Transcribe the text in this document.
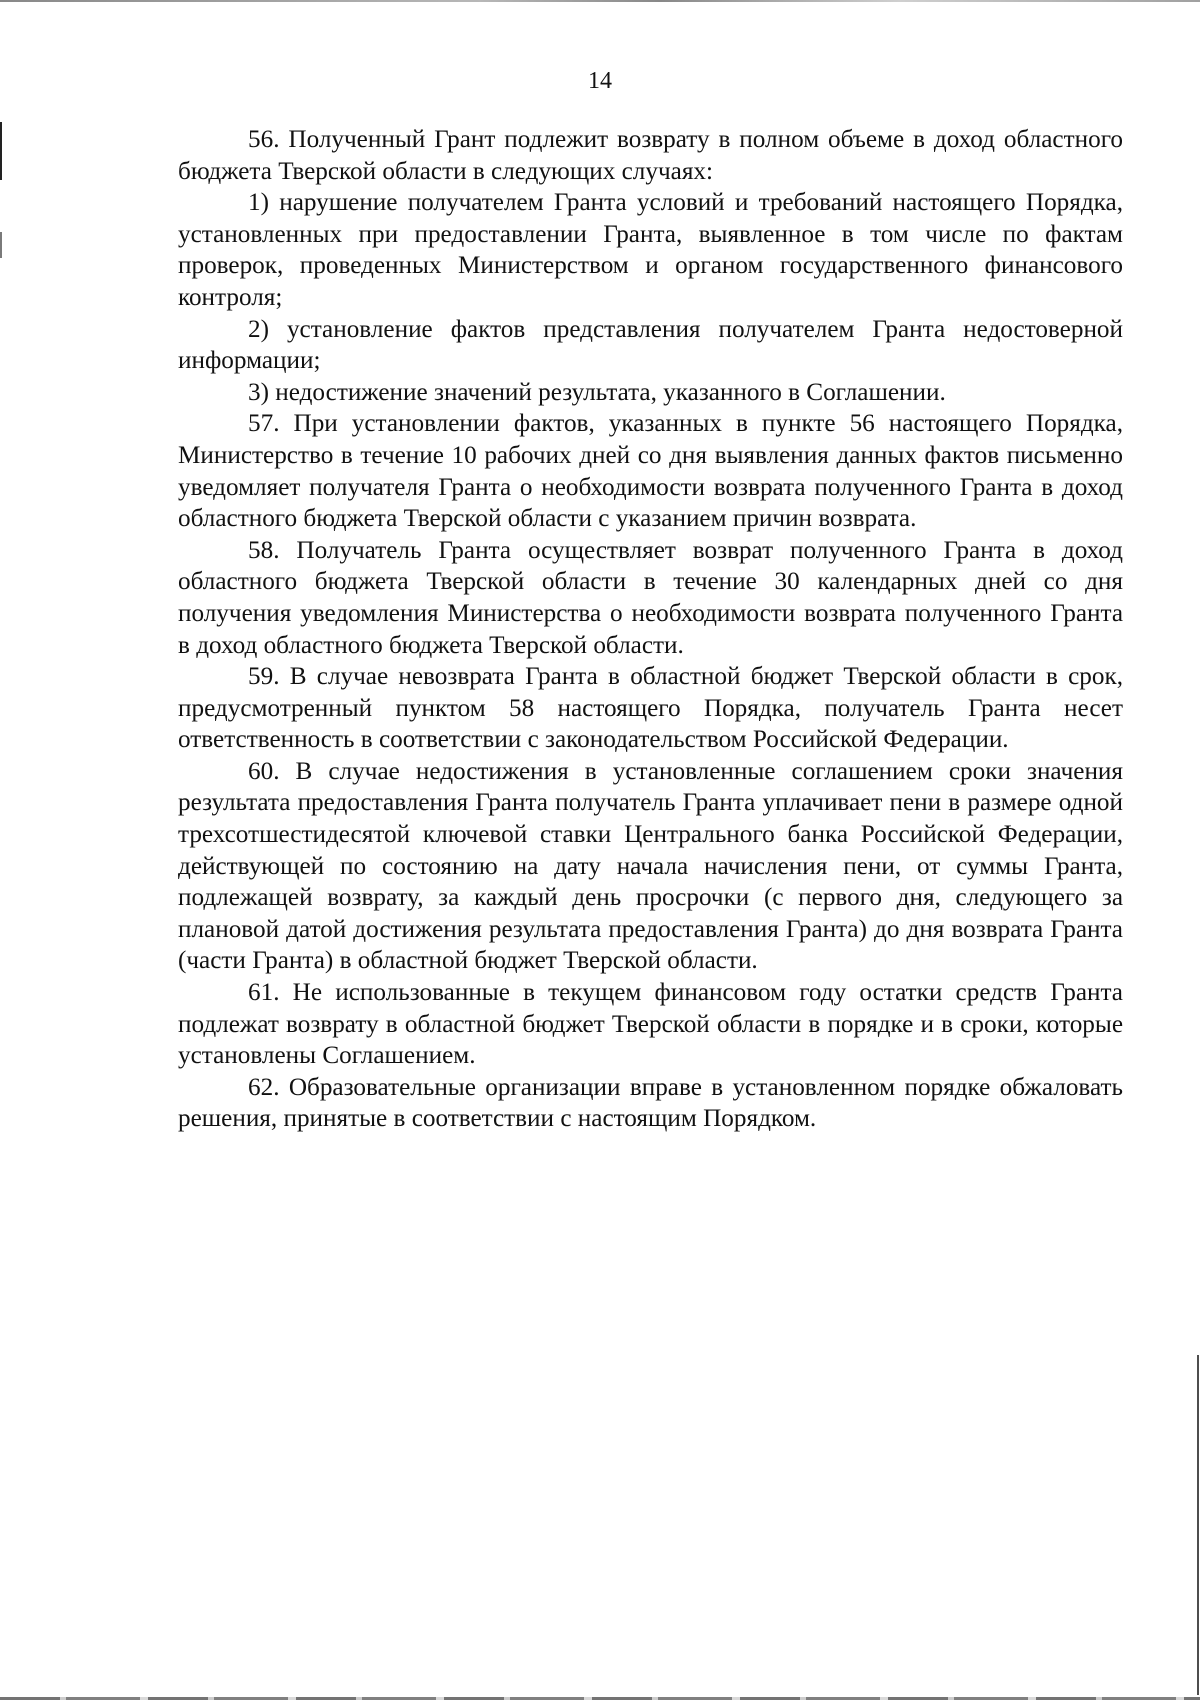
14

56. Полученный Грант подлежит возврату в полном объеме в доход областного бюджета Тверской области в следующих случаях:

1) нарушение получателем Гранта условий и требований настоящего Порядка, установленных при предоставлении Гранта, выявленное в том числе по фактам проверок, проведенных Министерством и органом государственного финансового контроля;

2) установление фактов представления получателем Гранта недостоверной информации;

3) недостижение значений результата, указанного в Соглашении.

57. При установлении фактов, указанных в пункте 56 настоящего Порядка, Министерство в течение 10 рабочих дней со дня выявления данных фактов письменно уведомляет получателя Гранта о необходимости возврата полученного Гранта в доход областного бюджета Тверской области с указанием причин возврата.

58. Получатель Гранта осуществляет возврат полученного Гранта в доход областного бюджета Тверской области в течение 30 календарных дней со дня получения уведомления Министерства о необходимости возврата полученного Гранта в доход областного бюджета Тверской области.

59. В случае невозврата Гранта в областной бюджет Тверской области в срок, предусмотренный пунктом 58 настоящего Порядка, получатель Гранта несет ответственность в соответствии с законодательством Российской Федерации.

60. В случае недостижения в установленные соглашением сроки значения результата предоставления Гранта получатель Гранта уплачивает пени в размере одной трехсотшестидесятой ключевой ставки Центрального банка Российской Федерации, действующей по состоянию на дату начала начисления пени, от суммы Гранта, подлежащей возврату, за каждый день просрочки (с первого дня, следующего за плановой датой достижения результата предоставления Гранта) до дня возврата Гранта (части Гранта) в областной бюджет Тверской области.

61. Не использованные в текущем финансовом году остатки средств Гранта подлежат возврату в областной бюджет Тверской области в порядке и в сроки, которые установлены Соглашением.

62. Образовательные организации вправе в установленном порядке обжаловать решения, принятые в соответствии с настоящим Порядком.
